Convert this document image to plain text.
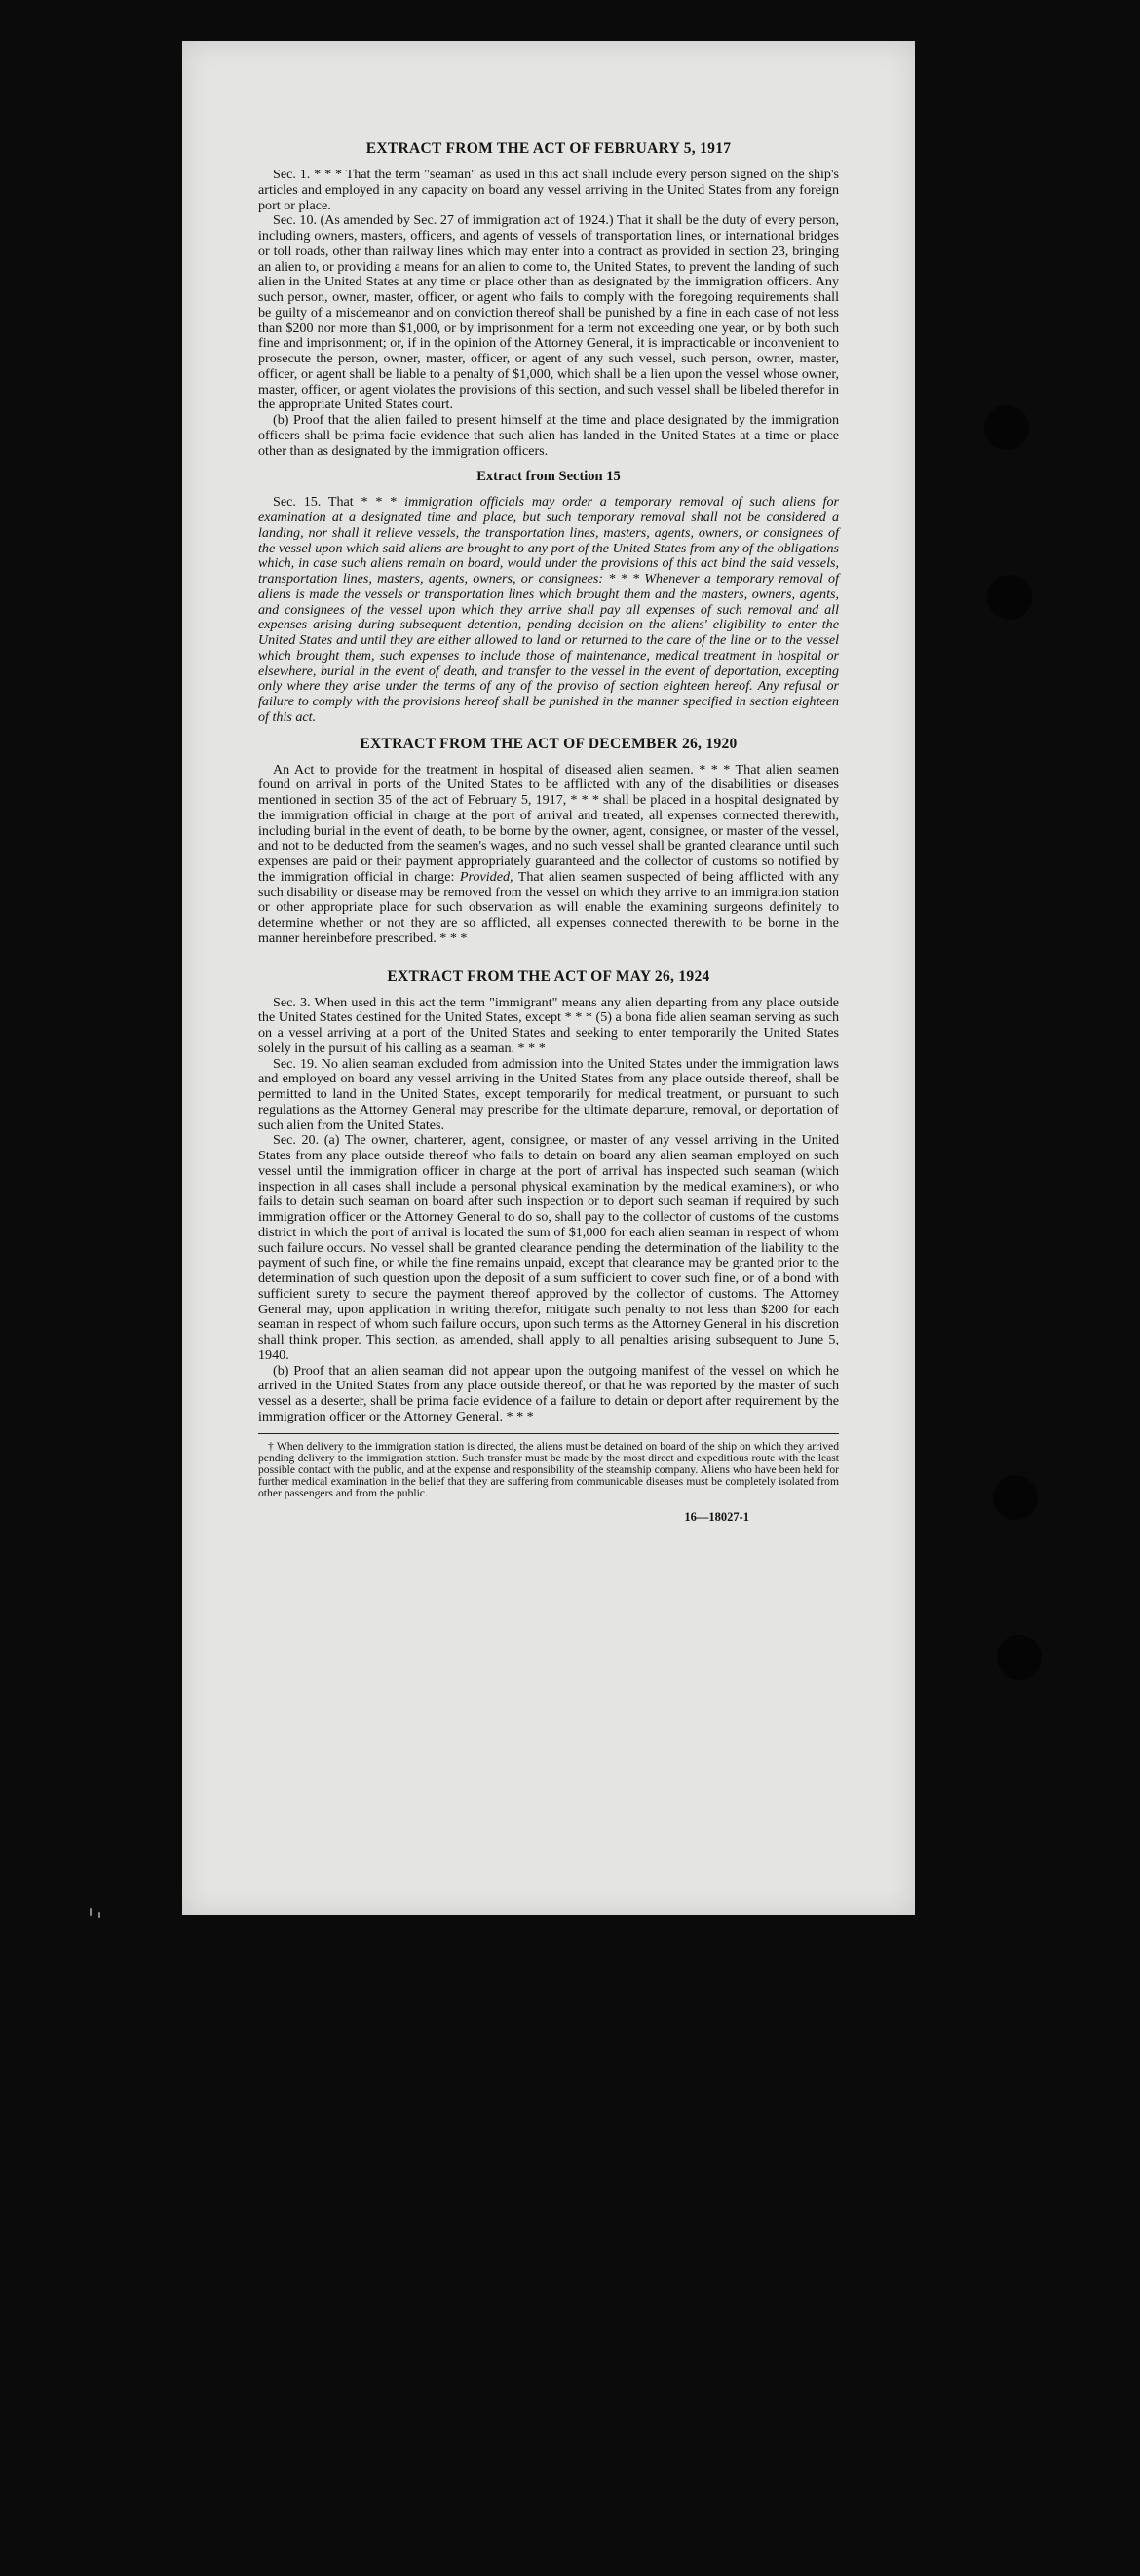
EXTRACT FROM THE ACT OF FEBRUARY 5, 1917

Sec. 1. * * * That the term "seaman" as used in this act shall include every person signed on the ship's articles and employed in any capacity on board any vessel arriving in the United States from any foreign port or place.

Sec. 10. (As amended by Sec. 27 of immigration act of 1924.) That it shall be the duty of every person, including owners, masters, officers, and agents of vessels of transportation lines, or international bridges or toll roads, other than railway lines which may enter into a contract as provided in section 23, bringing an alien to, or providing a means for an alien to come to, the United States, to prevent the landing of such alien in the United States at any time or place other than as designated by the immigration officers. Any such person, owner, master, officer, or agent who fails to comply with the foregoing requirements shall be guilty of a misdemeanor and on conviction thereof shall be punished by a fine in each case of not less than $200 nor more than $1,000, or by imprisonment for a term not exceeding one year, or by both such fine and imprisonment; or, if in the opinion of the Attorney General, it is impracticable or inconvenient to prosecute the person, owner, master, officer, or agent of any such vessel, such person, owner, master, officer, or agent shall be liable to a penalty of $1,000, which shall be a lien upon the vessel whose owner, master, officer, or agent violates the provisions of this section, and such vessel shall be libeled therefor in the appropriate United States court.

(b) Proof that the alien failed to present himself at the time and place designated by the immigration officers shall be prima facie evidence that such alien has landed in the United States at a time or place other than as designated by the immigration officers.

Extract from Section 15

Sec. 15. That * * * immigration officials may order a temporary removal of such aliens for examination at a designated time and place, but such temporary removal shall not be considered a landing, nor shall it relieve vessels, the transportation lines, masters, agents, owners, or consignees of the vessel upon which said aliens are brought to any port of the United States from any of the obligations which, in case such aliens remain on board, would under the provisions of this act bind the said vessels, transportation lines, masters, agents, owners, or consignees: * * * Whenever a temporary removal of aliens is made the vessels or transportation lines which brought them and the masters, owners, agents, and consignees of the vessel upon which they arrive shall pay all expenses of such removal and all expenses arising during subsequent detention, pending decision on the aliens' eligibility to enter the United States and until they are either allowed to land or returned to the care of the line or to the vessel which brought them, such expenses to include those of maintenance, medical treatment in hospital or elsewhere, burial in the event of death, and transfer to the vessel in the event of deportation, excepting only where they arise under the terms of any of the proviso of section eighteen hereof. Any refusal or failure to comply with the provisions hereof shall be punished in the manner specified in section eighteen of this act.

EXTRACT FROM THE ACT OF DECEMBER 26, 1920

An Act to provide for the treatment in hospital of diseased alien seamen. * * * That alien seamen found on arrival in ports of the United States to be afflicted with any of the disabilities or diseases mentioned in section 35 of the act of February 5, 1917, * * * shall be placed in a hospital designated by the immigration official in charge at the port of arrival and treated, all expenses connected therewith, including burial in the event of death, to be borne by the owner, agent, consignee, or master of the vessel, and not to be deducted from the seamen's wages, and no such vessel shall be granted clearance until such expenses are paid or their payment appropriately guaranteed and the collector of customs so notified by the immigration official in charge: Provided, That alien seamen suspected of being afflicted with any such disability or disease may be removed from the vessel on which they arrive to an immigration station or other appropriate place for such observation as will enable the examining surgeons definitely to determine whether or not they are so afflicted, all expenses connected therewith to be borne in the manner hereinbefore prescribed. * * *

EXTRACT FROM THE ACT OF MAY 26, 1924

Sec. 3. When used in this act the term "immigrant" means any alien departing from any place outside the United States destined for the United States, except * * * (5) a bona fide alien seaman serving as such on a vessel arriving at a port of the United States and seeking to enter temporarily the United States solely in the pursuit of his calling as a seaman. * * *

Sec. 19. No alien seaman excluded from admission into the United States under the immigration laws and employed on board any vessel arriving in the United States from any place outside thereof, shall be permitted to land in the United States, except temporarily for medical treatment, or pursuant to such regulations as the Attorney General may prescribe for the ultimate departure, removal, or deportation of such alien from the United States.

Sec. 20. (a) The owner, charterer, agent, consignee, or master of any vessel arriving in the United States from any place outside thereof who fails to detain on board any alien seaman employed on such vessel until the immigration officer in charge at the port of arrival has inspected such seaman (which inspection in all cases shall include a personal physical examination by the medical examiners), or who fails to detain such seaman on board after such inspection or to deport such seaman if required by such immigration officer or the Attorney General to do so, shall pay to the collector of customs of the customs district in which the port of arrival is located the sum of $1,000 for each alien seaman in respect of whom such failure occurs. No vessel shall be granted clearance pending the determination of the liability to the payment of such fine, or while the fine remains unpaid, except that clearance may be granted prior to the determination of such question upon the deposit of a sum sufficient to cover such fine, or of a bond with sufficient surety to secure the payment thereof approved by the collector of customs. The Attorney General may, upon application in writing therefor, mitigate such penalty to not less than $200 for each seaman in respect of whom such failure occurs, upon such terms as the Attorney General in his discretion shall think proper. This section, as amended, shall apply to all penalties arising subsequent to June 5, 1940.

(b) Proof that an alien seaman did not appear upon the outgoing manifest of the vessel on which he arrived in the United States from any place outside thereof, or that he was reported by the master of such vessel as a deserter, shall be prima facie evidence of a failure to detain or deport after requirement by the immigration officer or the Attorney General. * * *

† When delivery to the immigration station is directed, the aliens must be detained on board of the ship on which they arrived pending delivery to the immigration station. Such transfer must be made by the most direct and expeditious route with the least possible contact with the public, and at the expense and responsibility of the steamship company. Aliens who have been held for further medical examination in the belief that they are suffering from communicable diseases must be completely isolated from other passengers and from the public.

16—18027-1
